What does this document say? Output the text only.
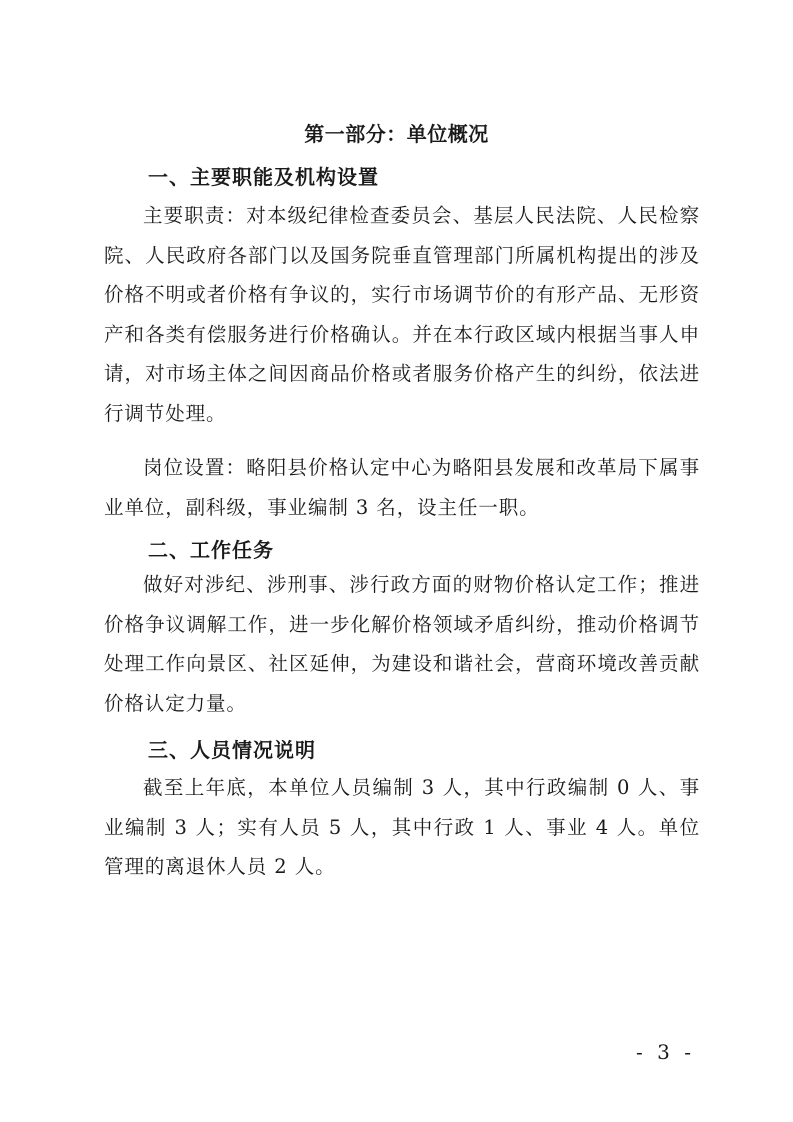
第一部分：单位概况
一、主要职能及机构设置

主要职责：对本级纪律检查委员会、基层人民法院、人民检察院、人民政府各部门以及国务院垂直管理部门所属机构提出的涉及价格不明或者价格有争议的，实行市场调节价的有形产品、无形资产和各类有偿服务进行价格确认。并在本行政区域内根据当事人申请，对市场主体之间因商品价格或者服务价格产生的纠纷，依法进行调节处理。

岗位设置：略阳县价格认定中心为略阳县发展和改革局下属事业单位，副科级，事业编制 3 名，设主任一职。

二、工作任务

做好对涉纪、涉刑事、涉行政方面的财物价格认定工作；推进价格争议调解工作，进一步化解价格领域矛盾纠纷，推动价格调节处理工作向景区、社区延伸，为建设和谐社会，营商环境改善贡献价格认定力量。

三、人员情况说明

截至上年底，本单位人员编制 3 人，其中行政编制 0 人、事业编制 3 人；实有人员 5 人，其中行政 1 人、事业 4 人。单位管理的离退休人员 2 人。

- 3 -
